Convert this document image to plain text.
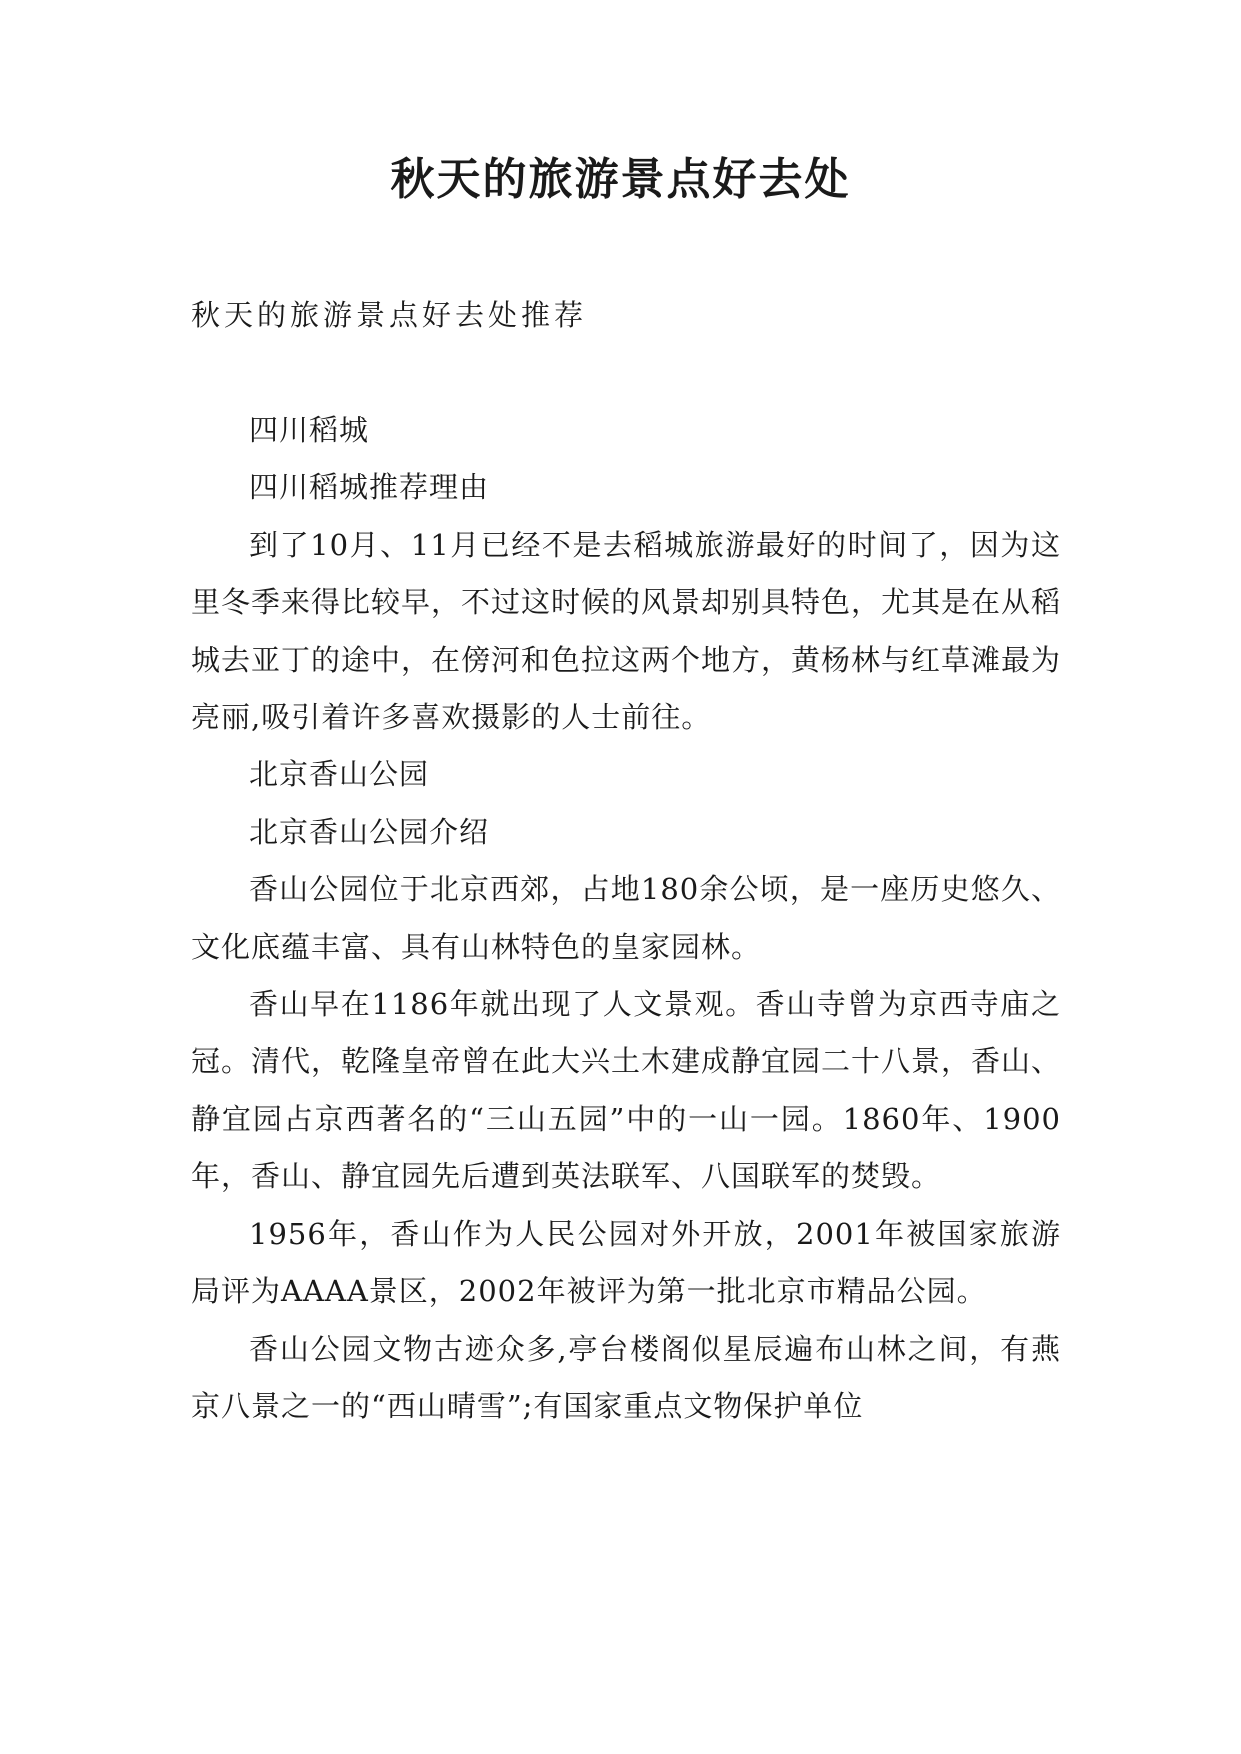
秋天的旅游景点好去处
秋天的旅游景点好去处推荐

四川稻城

四川稻城推荐理由

到了10月、11月已经不是去稻城旅游最好的时间了，因为这里冬季来得比较早，不过这时候的风景却别具特色，尤其是在从稻城去亚丁的途中，在傍河和色拉这两个地方，黄杨林与红草滩最为亮丽,吸引着许多喜欢摄影的人士前往。

北京香山公园

北京香山公园介绍

香山公园位于北京西郊，占地180余公顷，是一座历史悠久、文化底蕴丰富、具有山林特色的皇家园林。

香山早在1186年就出现了人文景观。香山寺曾为京西寺庙之冠。清代，乾隆皇帝曾在此大兴土木建成静宜园二十八景，香山、静宜园占京西著名的“三山五园”中的一山一园。1860年、1900年，香山、静宜园先后遭到英法联军、八国联军的焚毁。

1956年，香山作为人民公园对外开放，2001年被国家旅游局评为AAAA景区，2002年被评为第一批北京市精品公园。

香山公园文物古迹众多,亭台楼阁似星辰遍布山林之间，有燕京八景之一的“西山晴雪”;有国家重点文物保护单位
